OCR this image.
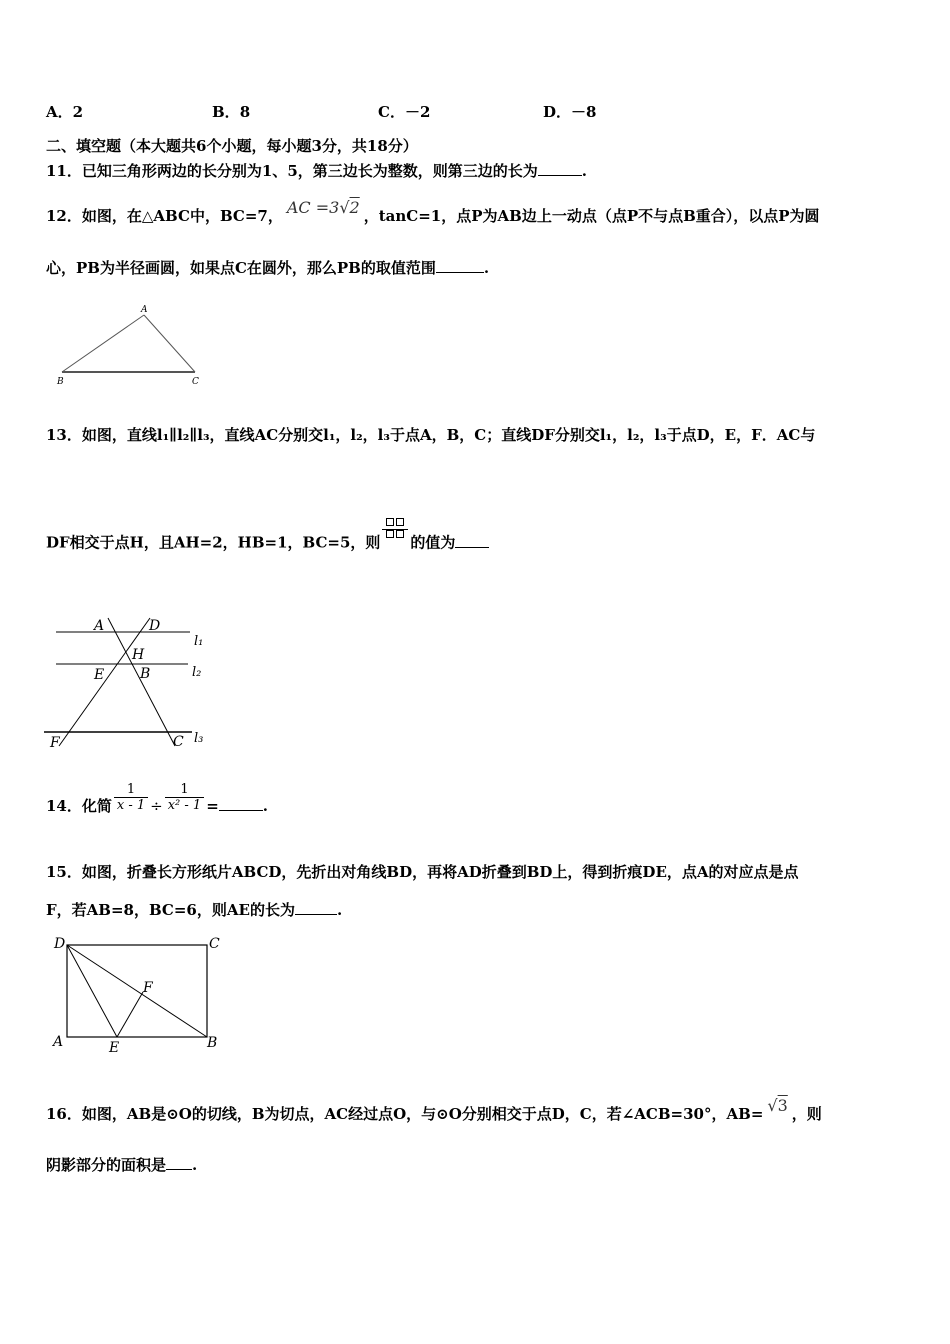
A．2	B．8	C．－2	D．－8
二、填空题（本大题共6个小题，每小题3分，共18分）
11．已知三角形两边的长分别为1、5，第三边长为整数，则第三边的长为	.
12．如图，在△ABC中，BC=7， AC =3√2 ，tanC=1，点P为AB边上一动点（点P不与点B重合），以点P为圆
心，PB为半径画圆，如果点C在圆外，那么PB的取值范围	.
A
B	C
13．如图，直线l₁∥l₂∥l₃，直线AC分别交l₁，l₂，l₃于点A，B，C；直线DF分别交l₁，l₂，l₃于点D，E，F．AC与
DF相交于点H，且AH=2，HB=1，BC=5，则 的值为
A	D
H
E	B
F	C
l₁
l₂
l₃
14．化简 $\frac{1}{x - 1} \div \frac{1}{\text{x² - 1}}$ =	.
15．如图，折叠长方形纸片ABCD，先折出对角线BD，再将AD折叠到BD上，得到折痕DE，点A的对应点是点
F，若AB=8，BC=6，则AE的长为	.
D	C
F
A	E	B
16．如图，AB是⊙O的切线，B为切点，AC经过点O，与⊙O分别相交于点D，C，若∠ACB=30°，AB= √3 ，则
阴影部分的面积是 .
